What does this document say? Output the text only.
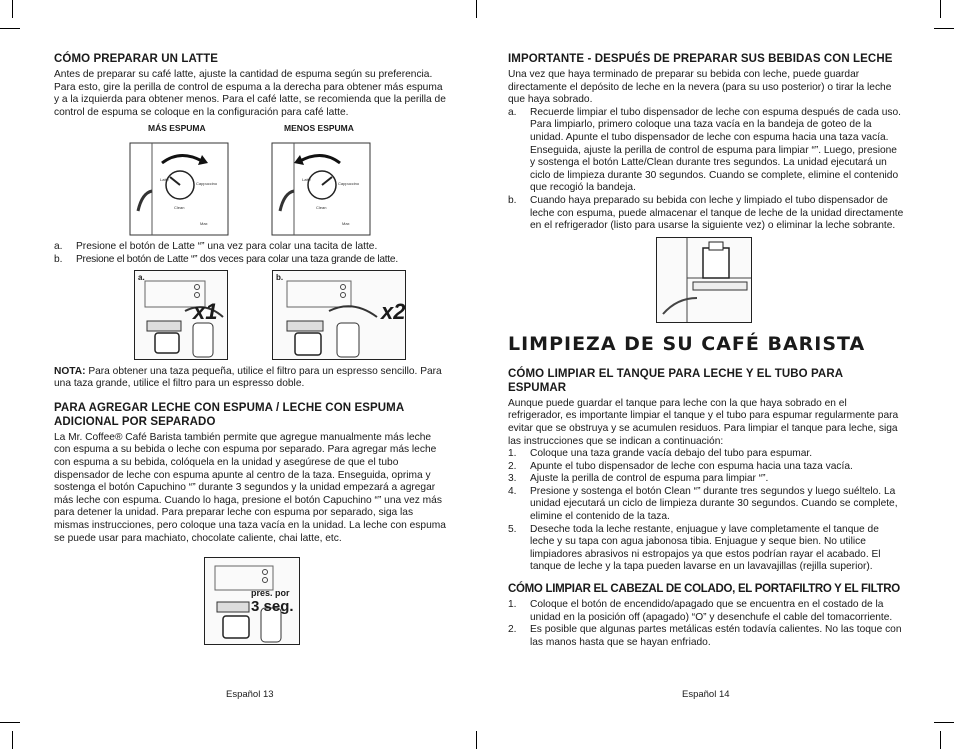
CÓMO PREPARAR UN LATTE

Antes de preparar su café latte, ajuste la cantidad de espuma según su preferencia. Para esto, gire la perilla de control de espuma a la derecha para obtener más espuma y a la izquierda para obtener menos. Para el café latte, se recomienda que la perilla de control de espuma se coloque en la configuración para café latte.

MÁS ESPUMA	MENOS ESPUMA
Latte
Cappuccino
Clean
Max
Latte
Cappuccino
Clean
Max
a.	Presione el botón de Latte “” una vez para colar una tacita de latte.
b.	Presione el botón de Latte “” dos veces para colar una taza grande de latte.
a.
x1
b.
x2

NOTA: Para obtener una taza pequeña, utilice el filtro para un espresso sencillo. Para una taza grande, utilice el filtro para un espresso doble.

PARA AGREGAR LECHE CON ESPUMA / LECHE CON ESPUMA ADICIONAL POR SEPARADO

La Mr. Coffee® Café Barista también permite que agregue manualmente más leche con espuma a su bebida o leche con espuma por separado. Para agregar más leche con espuma a su bebida, colóquela en la unidad y asegúrese de que el tubo dispensador de leche con espuma apunte al centro de la taza. Enseguida, oprima y sostenga el botón Capuchino “” durante 3 segundos y la unidad empezará a agregar más leche con espuma. Cuando lo haga, presione el botón Capuchino “” una vez más para detener la unidad. Para preparar leche con espuma por separado, siga las mismas instrucciones, pero coloque una taza vacía en la unidad. La leche con espuma se puede usar para machiato, chocolate caliente, chai latte, etc.

pres. por
3 seg.
Español 13
IMPORTANTE - DESPUÉS DE PREPARAR SUS BEBIDAS CON LECHE

Una vez que haya terminado de preparar su bebida con leche, puede guardar directamente el depósito de leche en la nevera (para su uso posterior) o tirar la leche que haya sobrado.

a.	Recuerde limpiar el tubo dispensador de leche con espuma después de cada uso. Para limpiarlo, primero coloque una taza vacía en la bandeja de goteo de la unidad. Apunte el tubo dispensador de leche con espuma hacia una taza vacía. Enseguida, ajuste la perilla de control de espuma para limpiar “”. Luego, presione y sostenga el botón Latte/Clean durante tres segundos. La unidad ejecutará un ciclo de limpieza durante 30 segundos. Cuando se complete, elimine el contenido que recogió la bandeja.
b.	Cuando haya preparado su bebida con leche y limpiado el tubo dispensador de leche con espuma, puede almacenar el tanque de leche de la unidad directamente en el refrigerador (listo para usarse la siguiente vez) o eliminar la leche sobrante.
LIMPIEZA DE SU CAFÉ BARISTA
CÓMO LIMPIAR EL TANQUE PARA LECHE Y EL TUBO PARA ESPUMAR

Aunque puede guardar el tanque para leche con la que haya sobrado en el refrigerador, es importante limpiar el tanque y el tubo para espumar regularmente para evitar que se obstruya y se acumulen residuos. Para limpiar el tanque para leche, siga las instrucciones que se indican a continuación:

1.	Coloque una taza grande vacía debajo del tubo para espumar.
2.	Apunte el tubo dispensador de leche con espuma hacia una taza vacía.
3.	Ajuste la perilla de control de espuma para limpiar “”.
4.	Presione y sostenga el botón Clean “” durante tres segundos y luego suéltelo. La unidad ejecutará un ciclo de limpieza durante 30 segundos. Cuando se complete, elimine el contenido de la taza.
5.	Deseche toda la leche restante, enjuague y lave completamente el tanque de leche y su tapa con agua jabonosa tibia. Enjuague y seque bien. No utilice limpiadores abrasivos ni estropajos ya que estos podrían rayar el acabado. El tanque de leche y la tapa pueden lavarse en un lavavajillas (rejilla superior).
CÓMO LIMPIAR EL CABEZAL DE COLADO, EL PORTAFILTRO Y EL FILTRO
1.	Coloque el botón de encendido/apagado que se encuentra en el costado de la unidad en la posición off (apagado) “O” y desenchufe el cable del tomacorriente.
2.	Es posible que algunas partes metálicas estén todavía calientes. No las toque con las manos hasta que se hayan enfriado.
Español 14
